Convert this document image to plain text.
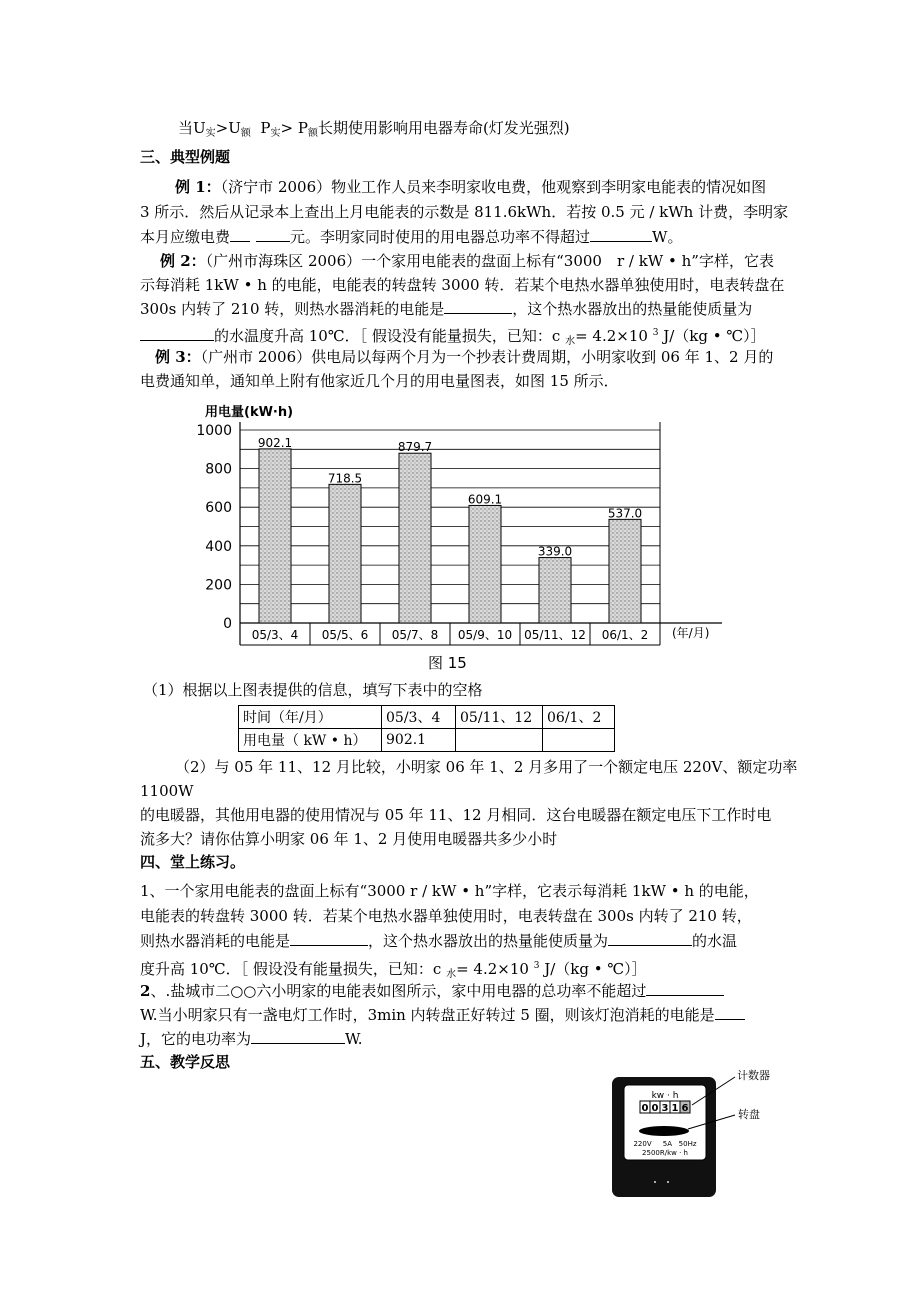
当$U_实>U_额$  $P_实> P_额$长期使用影响用电器寿命(灯发光强烈)
三、典型例题
例 1：（济宁市 2006）物业工作人员来李明家收电费，他观察到李明家电能表的情况如图
3 所示．然后从记录本上查出上月电能表的示数是 811.6kWh．若按 0.5 元 / kWh 计费，李明家
本月应缴电费	元。李明家同时使用的用电器总功率不得超过	W。
例 2：（广州市海珠区 2006）一个家用电能表的盘面上标有“3000　r / kW • h”字样，它表
示每消耗 1kW • h 的电能，电能表的转盘转 3000 转．若某个电热水器单独使用时，电表转盘在
300s 内转了 210 转，则热水器消耗的电能是	，这个热水器放出的热量能使质量为
的水温度升高 10℃．［ 假设没有能量损失，已知：c $_水$= 4.2×10 $^3$ J/（kg • ℃）］
例 3：（广州市 2006）供电局以每两个月为一个抄表计费周期，小明家收到 06 年 1、2 月的
电费通知单，通知单上附有他家近几个月的用电量图表，如图 15 所示．
用电量(kW·h)
0
200
400
600
800
1000
05/3、4
902.1
05/5、6
718.5
05/7、8
879.7
05/9、10
609.1
05/11、12
339.0
06/1、2
537.0
(年/月)
图 15
（1）根据以上图表提供的信息，填写下表中的空格
时间（年/月）	05/3、4	05/11、12	06/1、2
用电量（ kW • h）	902.1		
（2）与 05 年 11、12 月比较，小明家 06 年 1、2 月多用了一个额定电压 220V、额定功率
1100W
的电暖器，其他用电器的使用情况与 05 年 11、12 月相同．这台电暖器在额定电压下工作时电
流多大？请你估算小明家 06 年 1、2 月使用电暖器共多少小时
四、堂上练习。
1、一个家用电能表的盘面上标有“3000 r / kW • h”字样，它表示每消耗 1kW • h 的电能，
电能表的转盘转 3000 转．若某个电热水器单独使用时，电表转盘在 300s 内转了 210 转，
则热水器消耗的电能是	，这个热水器放出的热量能使质量为	的水温
度升高 10℃．［ 假设没有能量损失，已知：c $_水$= 4.2×10 $^3$ J/（kg • ℃）］
2、.盐城市二○○六小明家的电能表如图所示，家中用电器的总功率不能超过
W.当小明家只有一盏电灯工作时，3min 内转盘正好转过 5 圈，则该灯泡消耗的电能是
J，它的电功率为	W.
五、教学反思
kw · h
0 0 3 1 6
220V     5A   50Hz
2500R/kw · h
计数器
转盘
